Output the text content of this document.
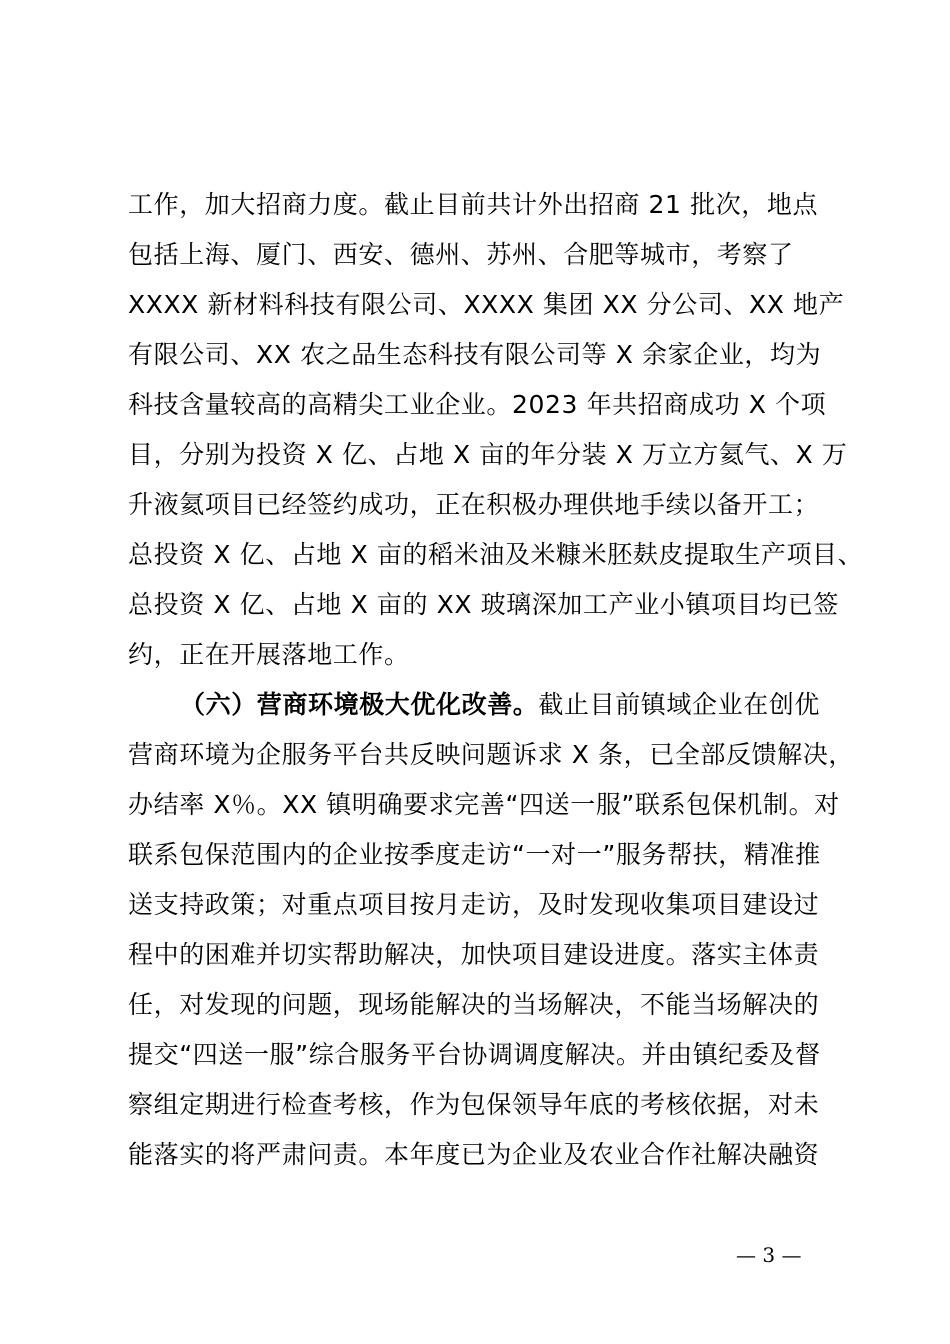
工作，加大招商力度。截止目前共计外出招商 21 批次，地点
包括上海、厦门、西安、德州、苏州、合肥等城市，考察了
XXXX 新材料科技有限公司、XXXX 集团 XX 分公司、XX 地产
有限公司、XX 农之品生态科技有限公司等 X 余家企业，均为
科技含量较高的高精尖工业企业。2023 年共招商成功 X 个项
目，分别为投资 X 亿、占地 X 亩的年分装 X 万立方氦气、X 万
升液氦项目已经签约成功，正在积极办理供地手续以备开工；
总投资 X 亿、占地 X 亩的稻米油及米糠米胚麸皮提取生产项目、
总投资 X 亿、占地 X 亩的 XX 玻璃深加工产业小镇项目均已签
约，正在开展落地工作。
（六）营商环境极大优化改善。截止目前镇域企业在创优
营商环境为企服务平台共反映问题诉求 X 条，已全部反馈解决，
办结率 X％。XX 镇明确要求完善“四送一服”联系包保机制。对
联系包保范围内的企业按季度走访“一对一”服务帮扶，精准推
送支持政策；对重点项目按月走访，及时发现收集项目建设过
程中的困难并切实帮助解决，加快项目建设进度。落实主体责
任，对发现的问题，现场能解决的当场解决，不能当场解决的
提交“四送一服”综合服务平台协调调度解决。并由镇纪委及督
察组定期进行检查考核，作为包保领导年底的考核依据，对未
能落实的将严肃问责。本年度已为企业及农业合作社解决融资
— 3 —
